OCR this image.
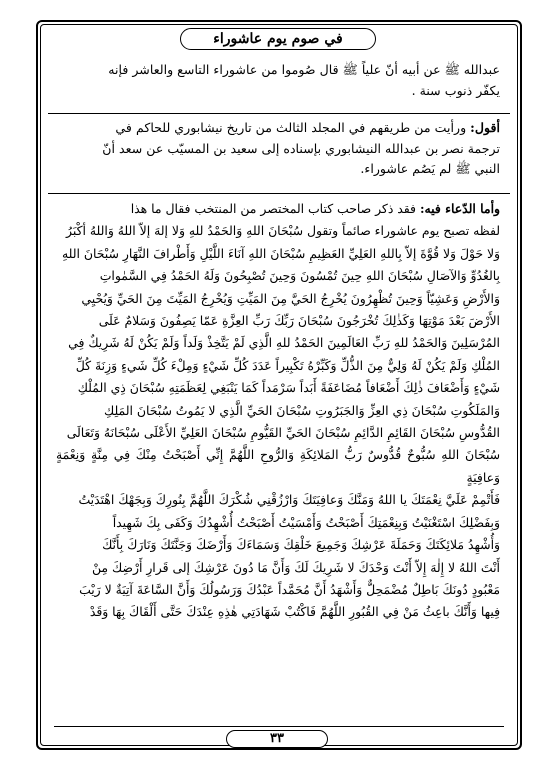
في صوم يوم عاشوراء
عبدالله ﷺ عن أبيه أنّ علياً ﷺ قال صُوموا من عاشوراء التاسع والعاشر فإنه
يكفّر ذنوب سنة .
أقول: ورأيت من طريقهم في المجلد الثالث من تاريخ نيشابوري للحاكم في
ترجمة نصر بن عبدالله النيشابوري بإسناده إلى سعيد بن المسيّب عن سعد أنّ
النبي ﷺ لم يَصُم عاشوراء.
وأما الدّعاء فيه: فقد ذكر صاحب كتاب المختصر من المنتخب فقال ما هذا
لفظه تصبح يوم عاشوراء صائماً وتقول سُبْحَانَ اللهِ وَالحَمْدُ للهِ وَلا إلهَ إلاّ اللهُ وَاللهُ أكْبَرُ
وَلا حَوْلَ وَلا قُوَّةَ إلاّ بِاللهِ العَلِيِّ العَظِيمِ سُبْحَانَ اللهِ آنَاءَ اللَّيْلِ وَأَطْرافَ النَّهَارِ سُبْحَانَ اللهِ
بِالغُدُوِّ وَالآصَالِ سُبْحَانَ اللهِ حِينَ تُمْسُونَ وَحِينَ تُصْبِحُونَ وَلَهُ الحَمْدُ فِي السَّمٰواتِ
وَالأَرْضِ وَعَشِيّاً وَحِينَ تُظْهِرُونَ يُخْرِجُ الحَيَّ مِنَ المَيِّتِ وَيُخْرِجُ المَيِّتَ مِنَ الحَيِّ وَيُحْيِي
الأَرْضَ بَعْدَ مَوْتِهَا وَكَذٰلِكَ تُخْرَجُونَ سُبْحَانَ رَبِّكَ رَبِّ العِزَّةِ عَمّا يَصِفُونَ وَسَلامٌ عَلَى
المُرْسَلِينَ وَالحَمْدُ للهِ رَبِّ العَالَمِينَ الحَمْدُ للهِ الَّذِي لَمْ يَتَّخِذْ وَلَداً وَلَمْ يَكُنْ لَهُ شَرِيكٌ فِي
المُلْكِ وَلَمْ يَكُنْ لَهُ وَلِيٌّ مِنَ الذُّلِّ وَكَبِّرْهُ تَكْبِيراً عَدَدَ كُلِّ شَيْءٍ وَمِلْءَ كُلِّ شَيءٍ وَزِنَةَ كُلِّ
شَيْءٍ وَأَضْعَافَ ذٰلِكَ أَضْعَافاً مُضَاعَفَةً أَبَداً سَرْمَداً كَمَا يَنْبَغِي لِعَظَمَتِهِ سُبْحَانَ ذِي المُلْكِ
وَالمَلَكُوتِ سُبْحَانَ ذِي العِزِّ وَالجَبَرُوتِ سُبْحَانَ الحَيِّ الَّذِي لا يَمُوتُ سُبْحَانَ المَلِكِ
القُدُّوسِ سُبْحَانَ القَائِمِ الدَّائِمِ سُبْحَانَ الحَيِّ القَيُّومِ سُبْحَانَ العَلِيِّ الأَعْلَى سُبْحَانَهُ وَتَعَالَى
سُبْحَانَ اللهِ سُبُّوحٌ قُدُّوسٌ رَبُّ المَلائِكَةِ وَالرُّوحِ اللَّهُمَّ إِنِّي أَصْبَحْتُ مِنْكَ فِي مِنَّةٍ وَنِعْمَةٍ وَعافِيَةٍ
فَأَتْمِمْ عَلَيَّ نِعْمَتَكَ يا اللهُ وَمَنَّكَ وَعافِيَتَكَ وَارْزُقْنِي شُكْرَكَ اللَّهُمَّ بِنُورِكَ وَبِجَهْكَ اهْتَدَيْتُ
وَبِفَضْلِكَ اسْتَغْنَيْتُ وَبِنِعْمَتِكَ أَصْبَحْتُ وَأَمْسَيْتُ أَصْبَحْتُ أُشْهِدُكَ وَكَفَى بِكَ شَهِيداً
وَأُشْهِدُ مَلائِكَتَكَ وَحَمَلَةَ عَرْشِكَ وَجَمِيعَ خَلْقِكَ وَسَمَاءَكَ وَأَرْضَكَ وَجَنَّتَكَ وَنَارَكَ بِأَنَّكَ
أَنْتَ اللهُ لا إِلٰهَ إِلاّ أَنْتَ وَحْدَكَ لا شَرِيكَ لَكَ وَأَنَّ مَا دُونَ عَرْشِكَ إلى قَرارِ أَرْضِكَ مِنْ
مَعْبُودٍ دُونَكَ بَاطِلٌ مُضْمَحِلٌّ وَأَشْهَدُ أَنَّ مُحَمَّداً عَبْدُكَ وَرَسُولُكَ وَأَنَّ السَّاعَةَ آتِيَةٌ لا رَيْبَ
فِيها وَأَنَّكَ باعِثُ مَنْ فِي القُبُورِ اللَّهُمَّ فَاكْتُبْ شَهَادَتِي هٰذِهِ عِنْدَكَ حَتَّى أَلْقَاكَ بِهَا وَقَدْ
٣٣
